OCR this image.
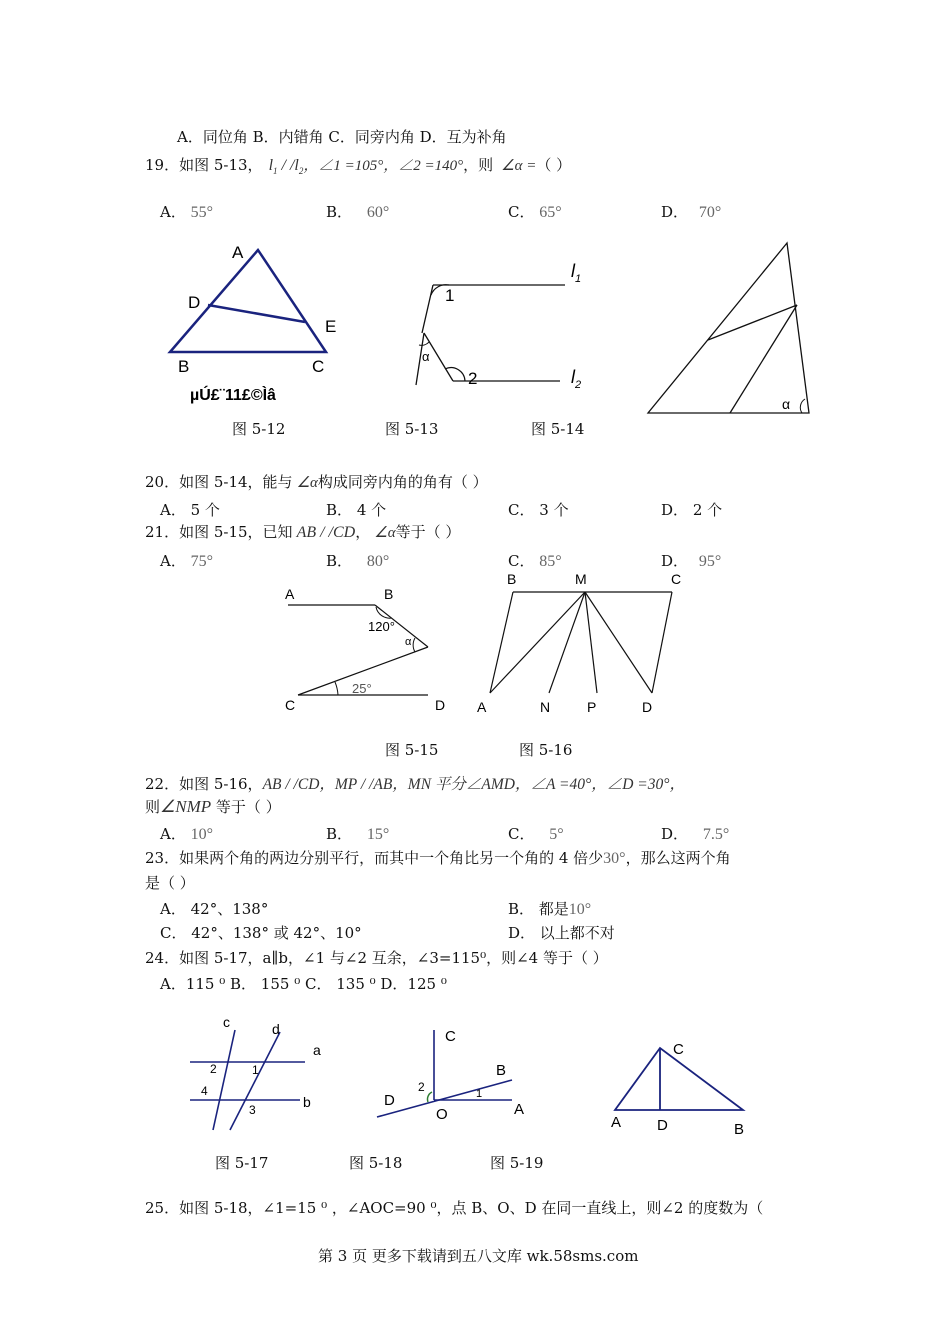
A．同位角 B．内错角 C．同旁内角 D．互为补角
19．如图 5-13， $l_1 / /l_2$，∠1 =105°，∠2 =140°，则 ∠α =（ ）
A． 55°	B． 60°	C． 65°	D． 70°
A
D
E
B	C
µÚ£¨11£©Ìâ
1
α
2
$l_1$
$l_2$
α
图 5-12	图 5-13	图 5-14
20．如图 5-14，能与 ∠α构成同旁内角的角有（ ）
A． 5 个	B． 4 个	C． 3 个	D． 2 个
21．如图 5-15，已知 AB / /CD， ∠α等于（ ）
A． 75°	B． 80°	C． 85°	D． 95°
A	B
C	D
120°
α
25°
B	M	C
A	N	P	D
图 5-15	图 5-16
22．如图 5-16，AB / /CD，MP / /AB，MN 平分∠AMD，∠A =40°，∠D =30°，
则∠NMP 等于（ ）
A． 10°	B． 15°	C． 5°	D． 7.5°
23．如果两个角的两边分别平行，而其中一个角比另一个角的 4 倍少30°，那么这两个角
是（ ）
A． 42°、138°	B． 都是10°
C． 42°、138° 或 42°、10°	D． 以上都不对
24．如图 5-17，a∥b，∠1 与∠2 互余，∠3=115⁰，则∠4 等于（ ）
A．115 ⁰ B． 155 ⁰ C． 135 ⁰ D．125 ⁰
c	d
a
b
2	1
4
3
C
B
D
O	A
1
2
C
A D	B
图 5-17	图 5-18	图 5-19
25．如图 5-18，∠1=15 ⁰ ，∠AOC=90 ⁰，点 B、O、D 在同一直线上，则∠2 的度数为（
第 3 页 更多下载请到五八文库 wk.58sms.com
